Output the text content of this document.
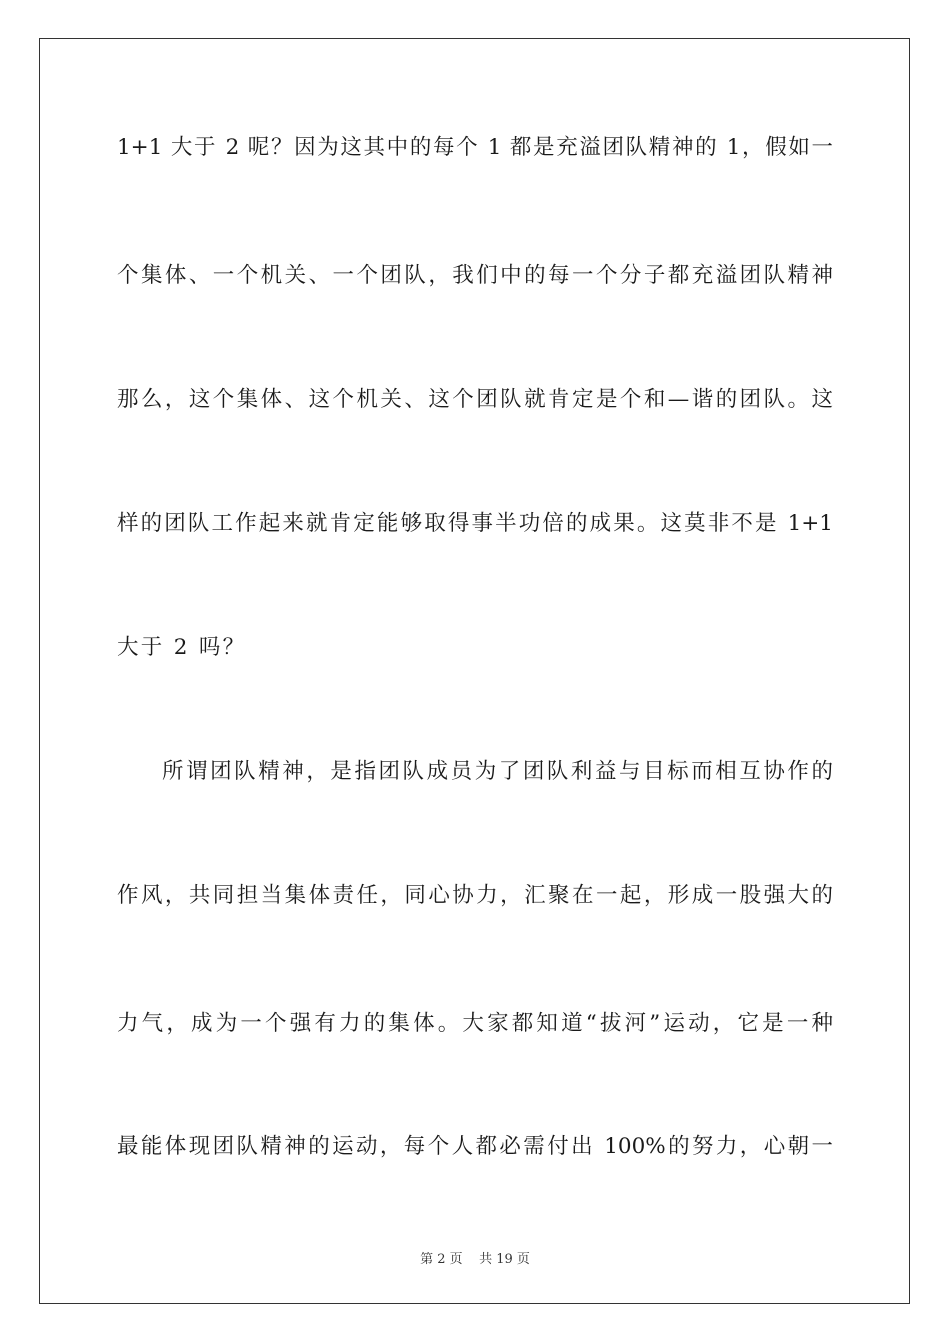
1+1 大于 2 呢？因为这其中的每个 1 都是充溢团队精神的 1，假如一
个集体、一个机关、一个团队，我们中的每一个分子都充溢团队精神
那么，这个集体、这个机关、这个团队就肯定是个和—谐的团队。这
样的团队工作起来就肯定能够取得事半功倍的成果。这莫非不是 1+1
大于 2 吗？
所谓团队精神，是指团队成员为了团队利益与目标而相互协作的
作风，共同担当集体责任，同心协力，汇聚在一起，形成一股强大的
力气，成为一个强有力的集体。大家都知道“拔河”运动，它是一种
最能体现团队精神的运动，每个人都必需付出 100%的努力，心朝一
第 2 页    共 19 页
